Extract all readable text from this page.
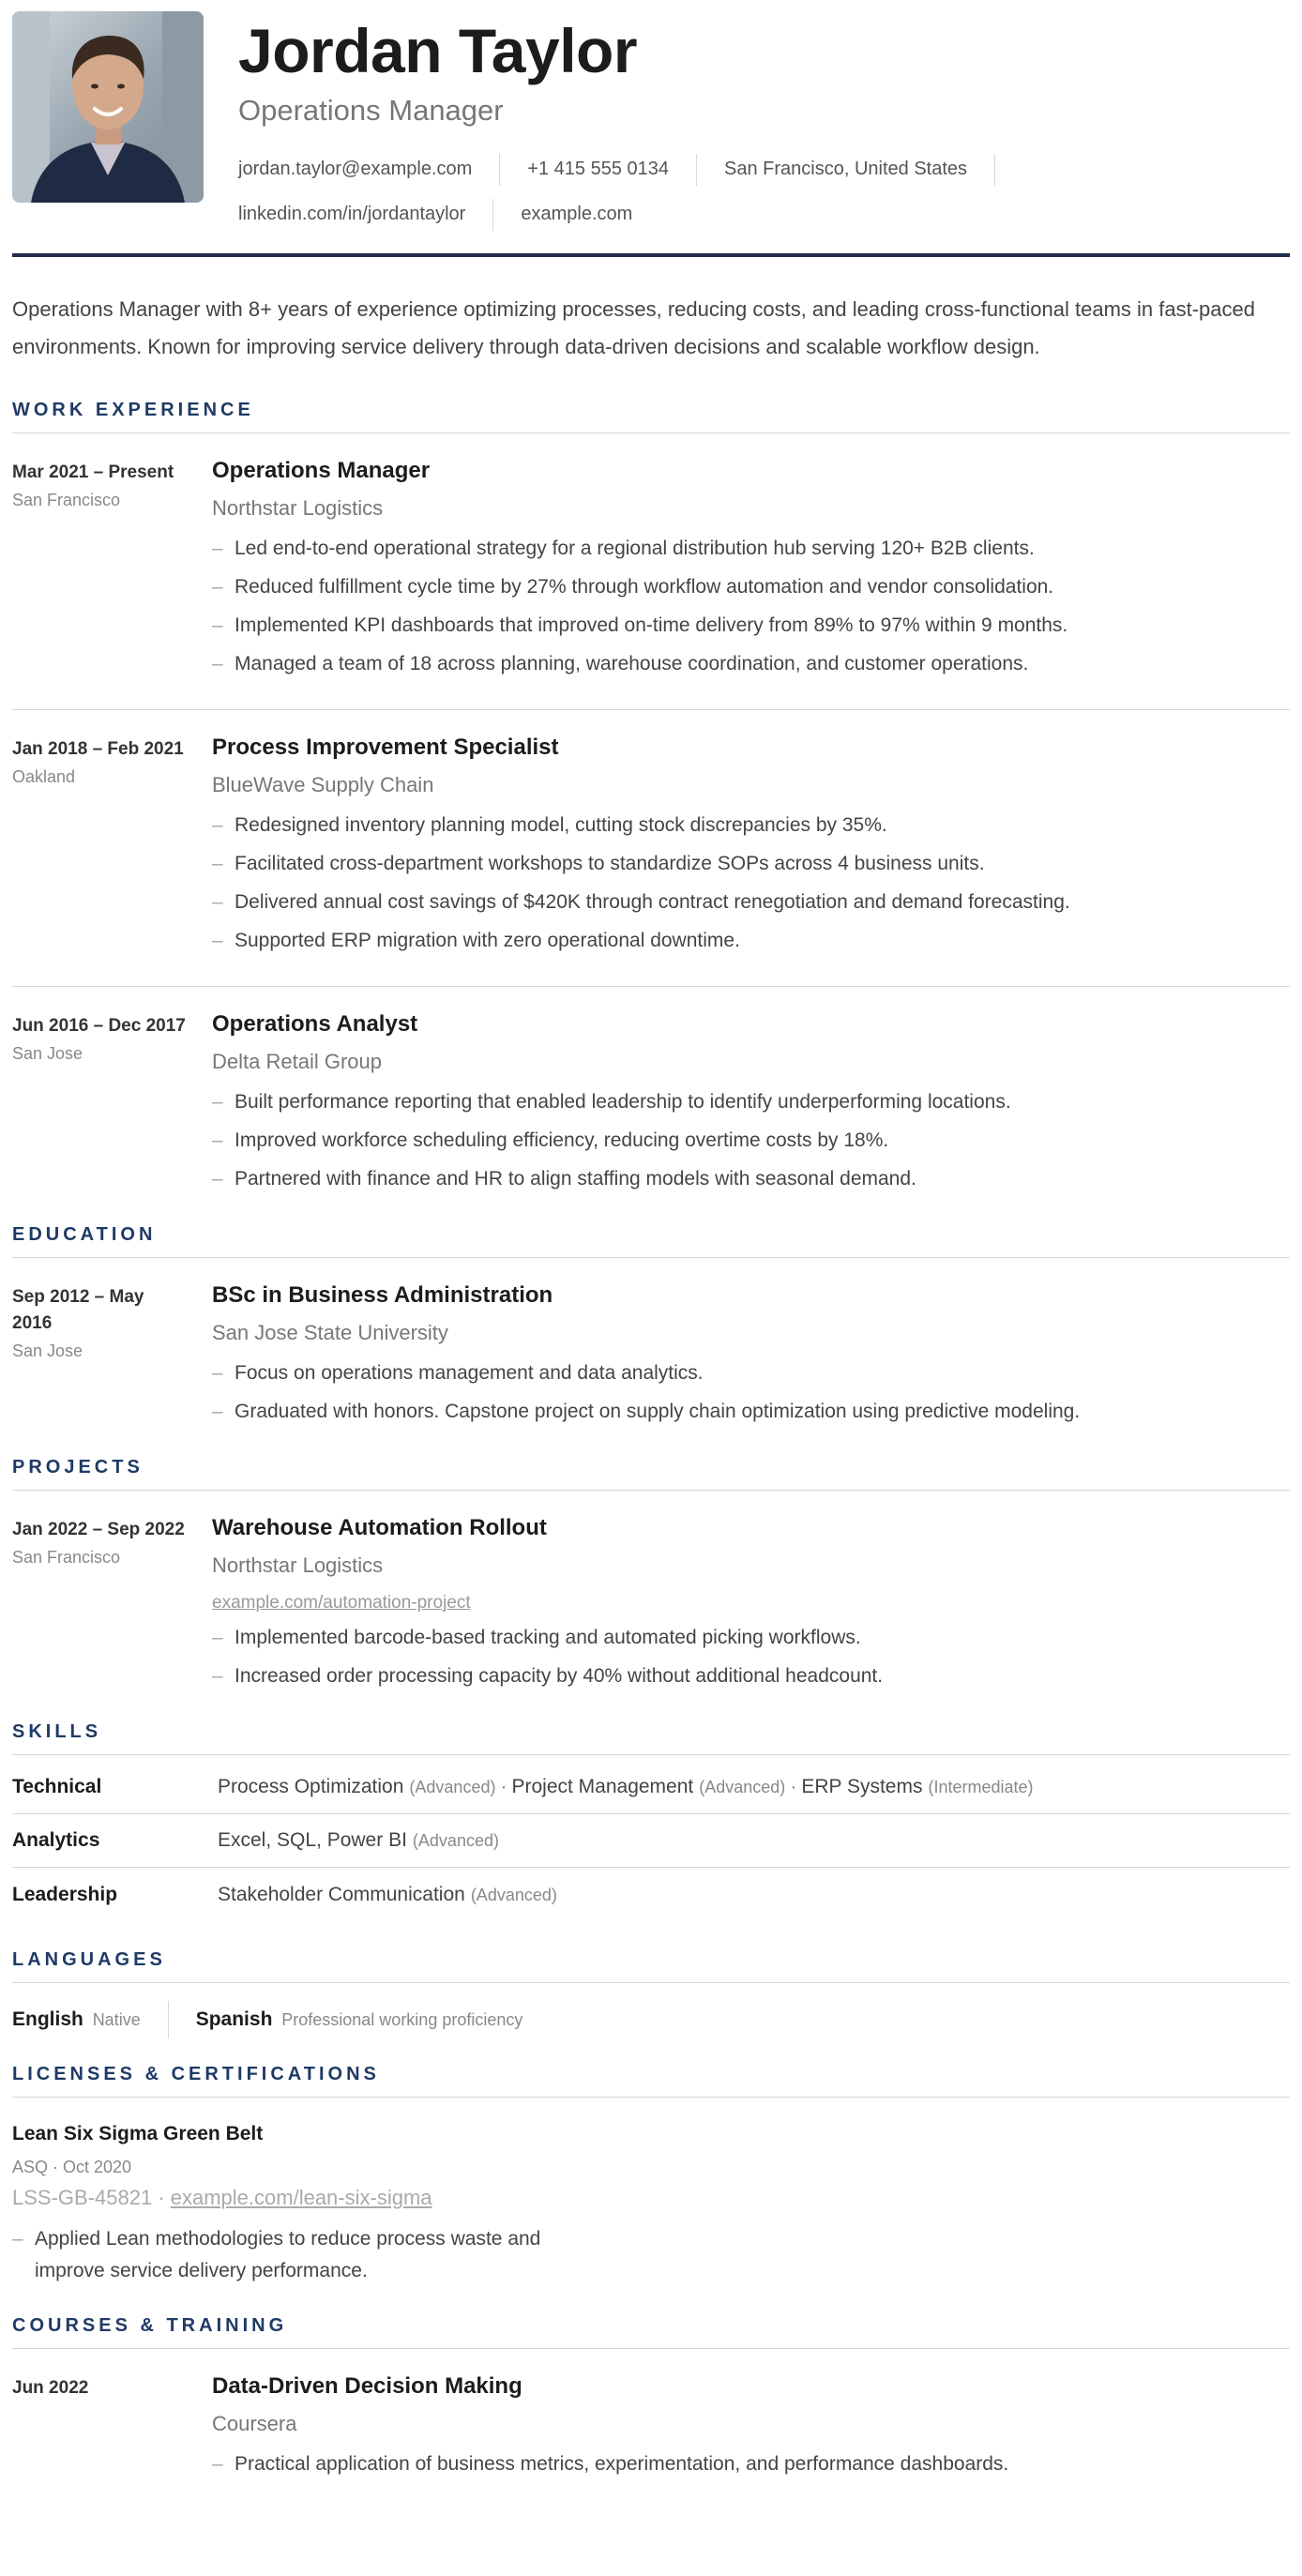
Jordan Taylor
Operations Manager
jordan.taylor@example.com	+1 415 555 0134	San Francisco, United States
linkedin.com/in/jordantaylor	example.com
Operations Manager with 8+ years of experience optimizing processes, reducing costs, and leading cross-functional teams in fast-paced environments. Known for improving service delivery through data-driven decisions and scalable workflow design.
WORK EXPERIENCE
Mar 2021 – Present
San Francisco
Operations Manager
Northstar Logistics
– Led end-to-end operational strategy for a regional distribution hub serving 120+ B2B clients.
– Reduced fulfillment cycle time by 27% through workflow automation and vendor consolidation.
– Implemented KPI dashboards that improved on-time delivery from 89% to 97% within 9 months.
– Managed a team of 18 across planning, warehouse coordination, and customer operations.
Jan 2018 – Feb 2021
Oakland
Process Improvement Specialist
BlueWave Supply Chain
– Redesigned inventory planning model, cutting stock discrepancies by 35%.
– Facilitated cross-department workshops to standardize SOPs across 4 business units.
– Delivered annual cost savings of $420K through contract renegotiation and demand forecasting.
– Supported ERP migration with zero operational downtime.
Jun 2016 – Dec 2017
San Jose
Operations Analyst
Delta Retail Group
– Built performance reporting that enabled leadership to identify underperforming locations.
– Improved workforce scheduling efficiency, reducing overtime costs by 18%.
– Partnered with finance and HR to align staffing models with seasonal demand.
EDUCATION
Sep 2012 – May 2016
San Jose
BSc in Business Administration
San Jose State University
– Focus on operations management and data analytics.
– Graduated with honors. Capstone project on supply chain optimization using predictive modeling.
PROJECTS
Jan 2022 – Sep 2022
San Francisco
Warehouse Automation Rollout
Northstar Logistics
example.com/automation-project
– Implemented barcode-based tracking and automated picking workflows.
– Increased order processing capacity by 40% without additional headcount.
SKILLS
Technical	Process Optimization (Advanced) · Project Management (Advanced) · ERP Systems (Intermediate)
Analytics	Excel, SQL, Power BI (Advanced)
Leadership	Stakeholder Communication (Advanced)
LANGUAGES
English Native	Spanish Professional working proficiency
LICENSES & CERTIFICATIONS
Lean Six Sigma Green Belt
ASQ · Oct 2020
LSS-GB-45821 · example.com/lean-six-sigma
– Applied Lean methodologies to reduce process waste and improve service delivery performance.
COURSES & TRAINING
Jun 2022	Data-Driven Decision Making
Coursera
– Practical application of business metrics, experimentation, and performance dashboards.
